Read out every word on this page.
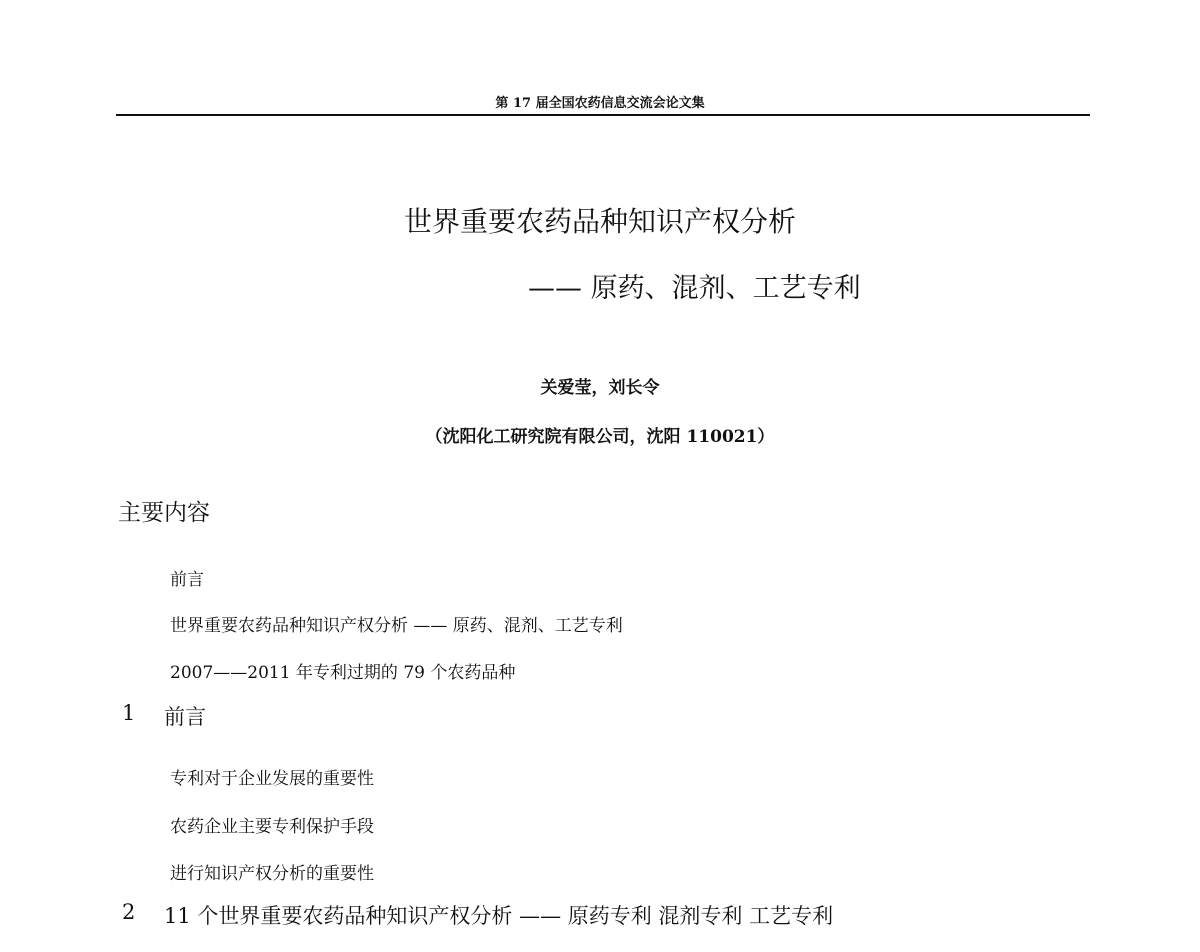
第 17 届全国农药信息交流会论文集
世界重要农药品种知识产权分析
—— 原药、混剂、工艺专利
关爱莹，刘长令
（沈阳化工研究院有限公司，沈阳 110021）
主要内容
前言
世界重要农药品种知识产权分析 —— 原药、混剂、工艺专利
2007——2011 年专利过期的 79 个农药品种
1 前言
专利对于企业发展的重要性
农药企业主要专利保护手段
进行知识产权分析的重要性
2 11 个世界重要农药品种知识产权分析 —— 原药专利 混剂专利 工艺专利
